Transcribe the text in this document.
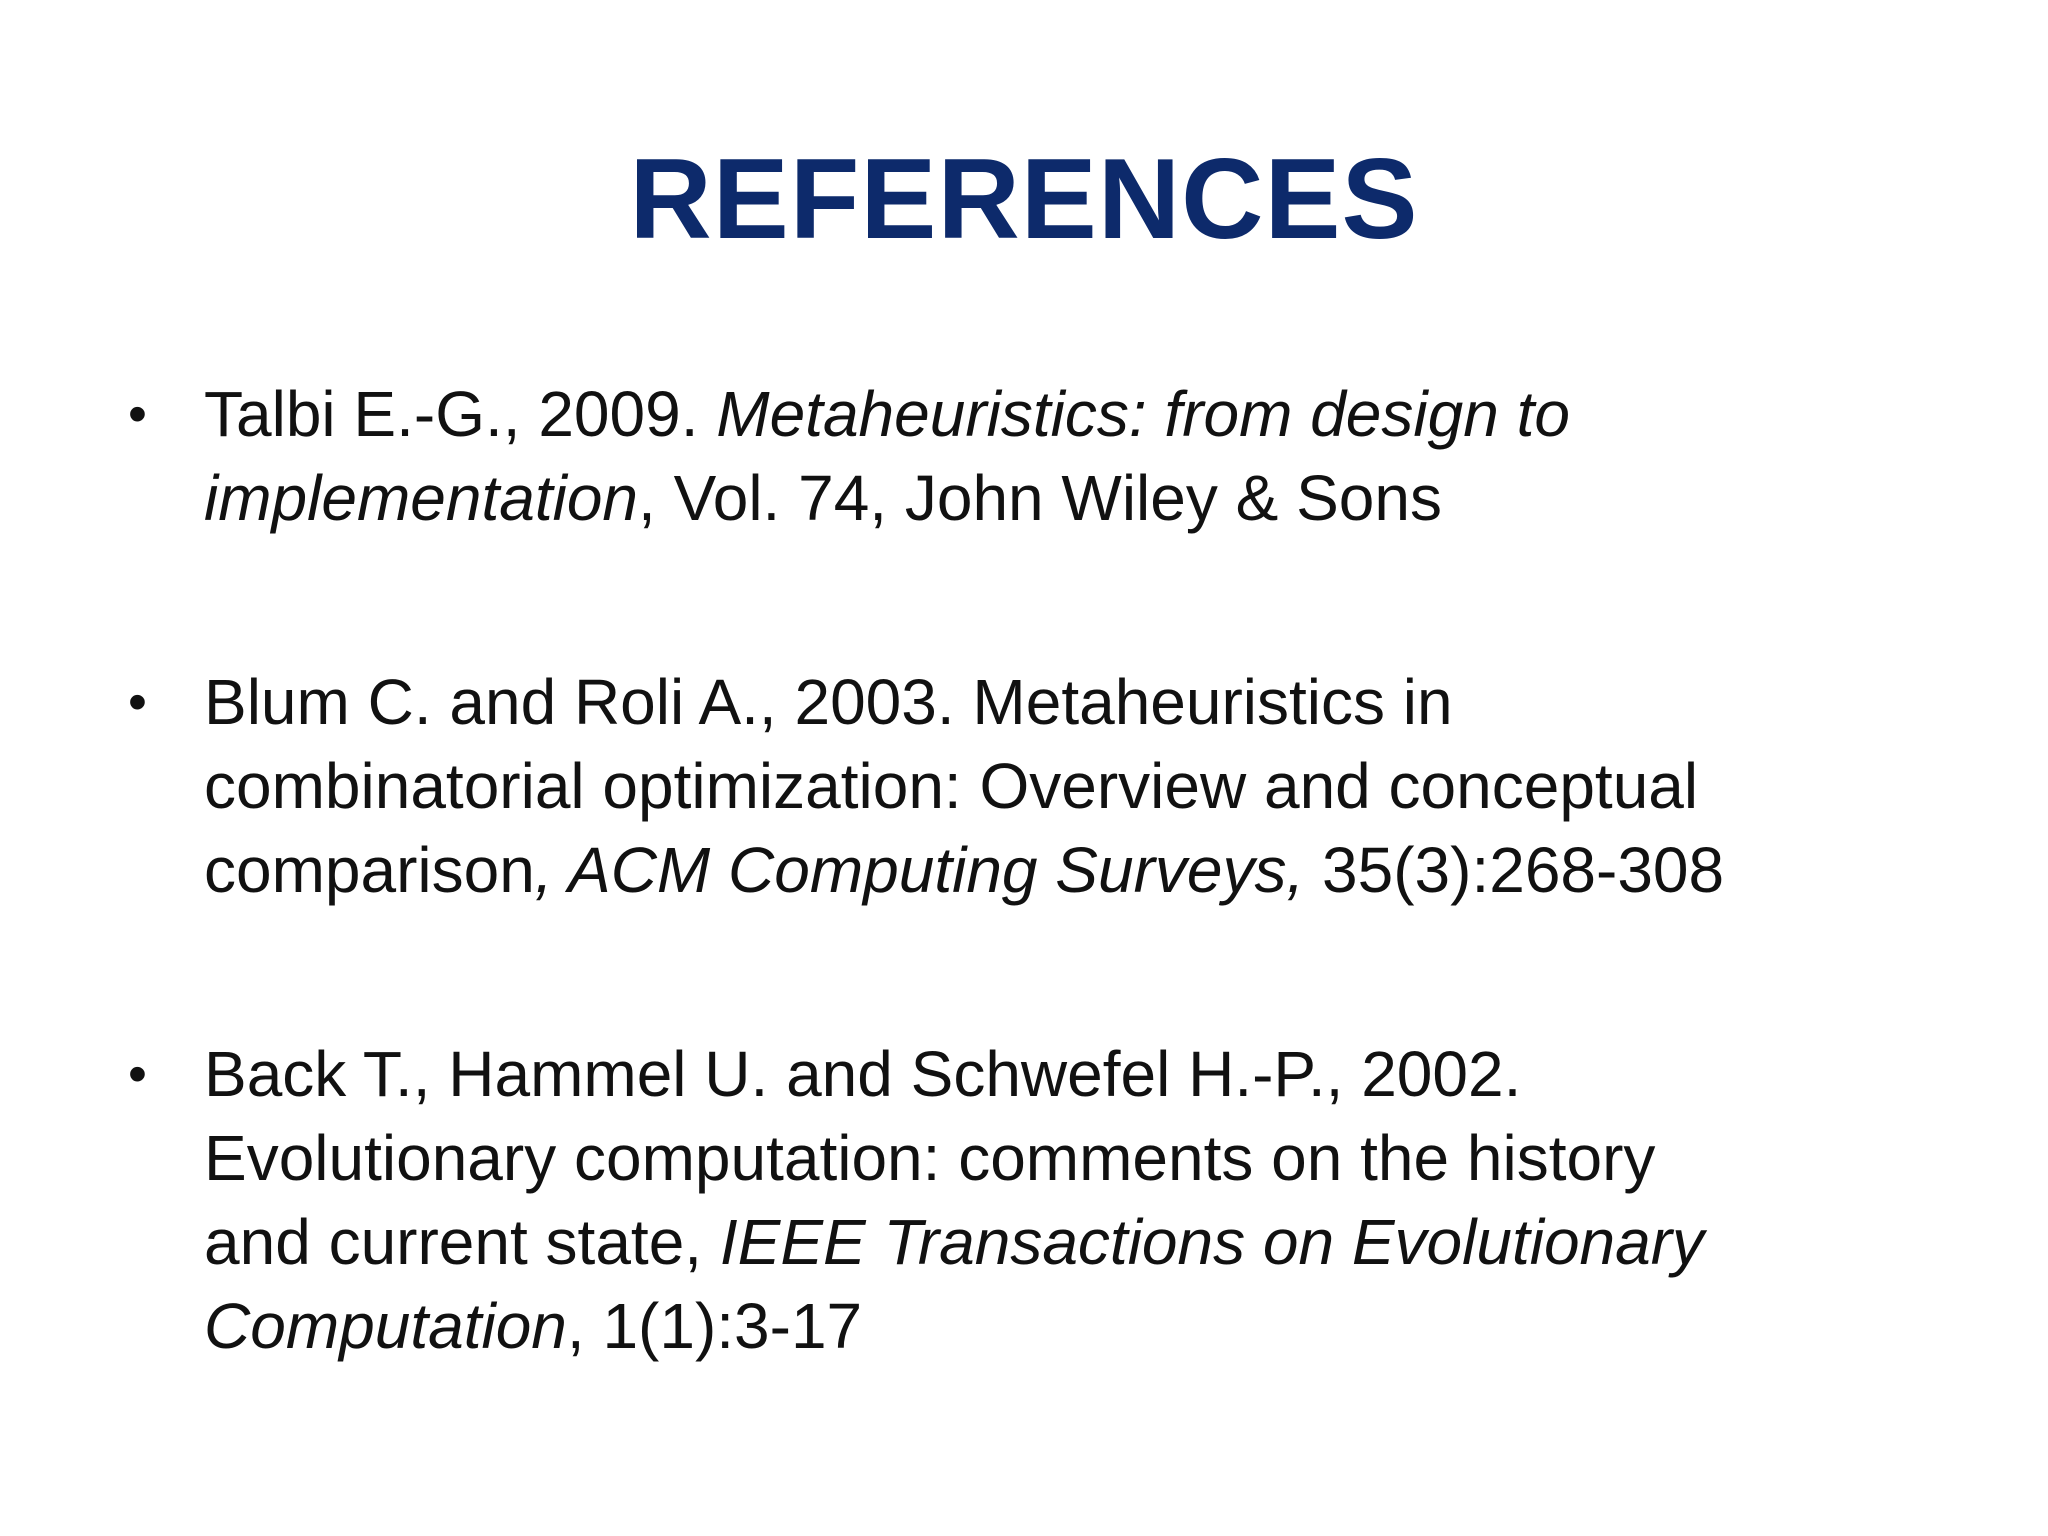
REFERENCES
• Talbi E.-G., 2009. Metaheuristics: from design to
implementation, Vol. 74, John Wiley & Sons
• Blum C. and Roli A., 2003. Metaheuristics in
combinatorial optimization: Overview and conceptual
comparison, ACM Computing Surveys, 35(3):268-308
• Back T., Hammel U. and Schwefel H.-P., 2002.
Evolutionary computation: comments on the history
and current state, IEEE Transactions on Evolutionary
Computation, 1(1):3-17
